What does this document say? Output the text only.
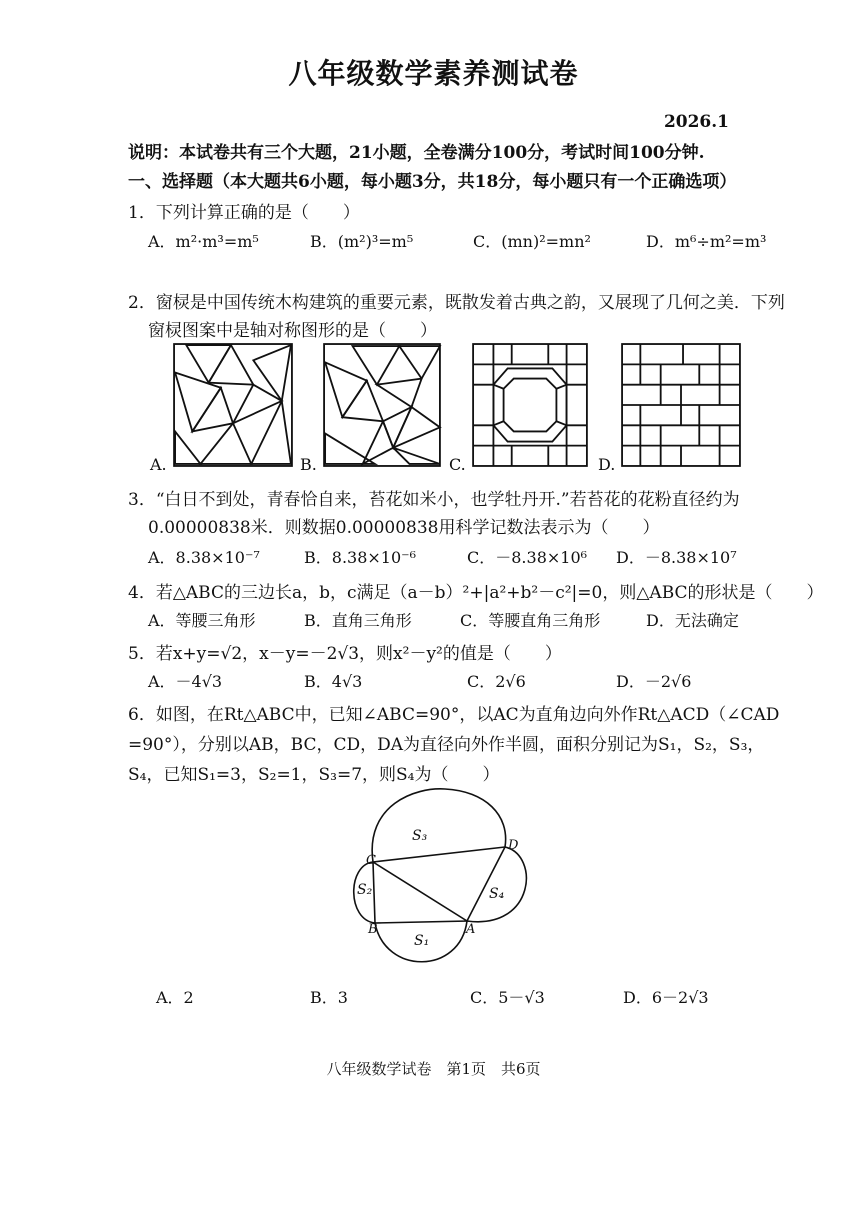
八年级数学素养测试卷
2026.1
说明：本试卷共有三个大题，21小题，全卷满分100分，考试时间100分钟.
一、选择题（本大题共6小题，每小题3分，共18分，每小题只有一个正确选项）
1．下列计算正确的是（　　）
A．m²·m³=m⁵	B．(m²)³=m⁵	C．(mn)²=mn²	D．m⁶÷m²=m³
2．窗棂是中国传统木构建筑的重要元素，既散发着古典之韵，又展现了几何之美．下列
窗棂图案中是轴对称图形的是（　　）
A.	B.	C.	D.
3．“白日不到处，青春恰自来，苔花如米小，也学牡丹开.”若苔花的花粉直径约为
0.00000838米．则数据0.00000838用科学记数法表示为（　　）
A．8.38×10⁻⁷	B．8.38×10⁻⁶	C．－8.38×10⁶ D．－8.38×10⁷
4．若△ABC的三边长a，b，c满足（a－b）²+|a²+b²－c²|=0，则△ABC的形状是（　　）
A．等腰三角形	B．直角三角形	C．等腰直角三角形	D．无法确定
5．若x+y=√2，x－y=－2√3，则x²－y²的值是（　　）
A．－4√3	B．4√3	C．2√6	D．－2√6
6．如图，在Rt△ABC中，已知∠ABC=90°，以AC为直角边向外作Rt△ACD（∠CAD
=90°），分别以AB，BC，CD，DA为直径向外作半圆，面积分别记为S₁，S₂，S₃，
S₄，已知S₁=3，S₂=1，S₃=7，则S₄为（　　）
C
D
B	A
S₃
S₂
S₁
S₄
A．2	B．3	C．5－√3	D．6－2√3
八年级数学试卷　第1页　共6页
